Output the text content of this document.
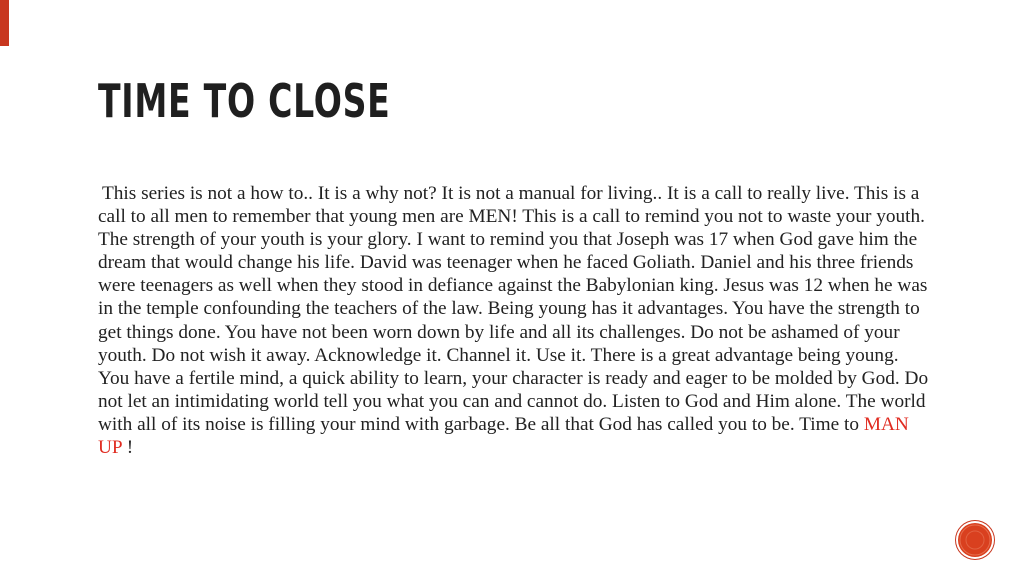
TIME TO CLOSE

This series is not a how to.. It is a why not? It is not a manual for living.. It is a call to really live. This is a call to all men to remember that young men are MEN! This is a call to remind you not to waste your youth. The strength of your youth is your glory. I want to remind you that Joseph was 17 when God gave him the dream that would change his life. David was teenager when he faced Goliath. Daniel and his three friends were teenagers as well when they stood in defiance against the Babylonian king. Jesus was 12 when he was in the temple confounding the teachers of the law. Being young has it advantages. You have the strength to get things done. You have not been worn down by life and all its challenges. Do not be ashamed of your youth. Do not wish it away. Acknowledge it. Channel it. Use it. There is a great advantage being young. You have a fertile mind, a quick ability to learn, your character is ready and eager to be molded by God. Do not let an intimidating world tell you what you can and cannot do. Listen to God and Him alone. The world with all of its noise is filling your mind with garbage. Be all that God has called you to be. Time to MAN UP !
